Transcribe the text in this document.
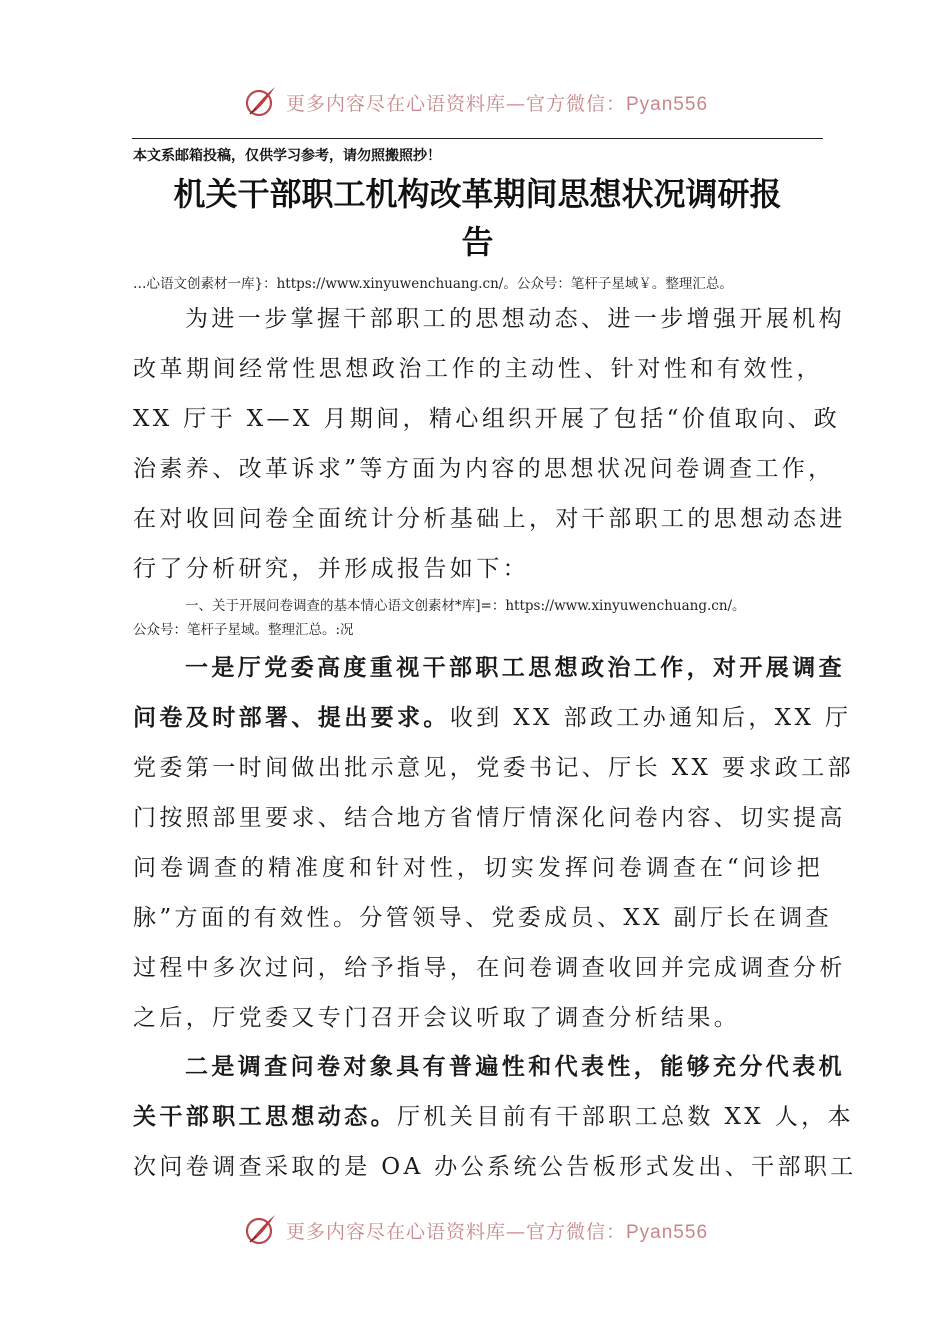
更多内容尽在心语资料库—官方微信：Pyan556
本文系邮箱投稿，仅供学习参考，请勿照搬照抄！
机关干部职工机构改革期间思想状况调研报
告
…心语文创素材一库}：https://www.xinyuwenchuang.cn/。公众号：笔杆子星域￥。整理汇总。
为进一步掌握干部职工的思想动态、进一步增强开展机构
改革期间经常性思想政治工作的主动性、针对性和有效性，
XX 厅于 X—X 月期间，精心组织开展了包括“价值取向、政
治素养、改革诉求”等方面为内容的思想状况问卷调查工作，
在对收回问卷全面统计分析基础上，对干部职工的思想动态进
行了分析研究，并形成报告如下：
一、关于开展问卷调查的基本情心语文创素材*库]=：https://www.xinyuwenchuang.cn/。
公众号：笔杆子星域。整理汇总。:况
一是厅党委高度重视干部职工思想政治工作，对开展调查
问卷及时部署、提出要求。收到 XX 部政工办通知后，XX 厅
党委第一时间做出批示意见，党委书记、厅长 XX 要求政工部
门按照部里要求、结合地方省情厅情深化问卷内容、切实提高
问卷调查的精准度和针对性，切实发挥问卷调查在“问诊把
脉”方面的有效性。分管领导、党委成员、XX 副厅长在调查
过程中多次过问，给予指导，在问卷调查收回并完成调查分析
之后，厅党委又专门召开会议听取了调查分析结果。
二是调查问卷对象具有普遍性和代表性，能够充分代表机
关干部职工思想动态。厅机关目前有干部职工总数 XX 人，本
次问卷调查采取的是 OA 办公系统公告板形式发出、干部职工
更多内容尽在心语资料库—官方微信：Pyan556
